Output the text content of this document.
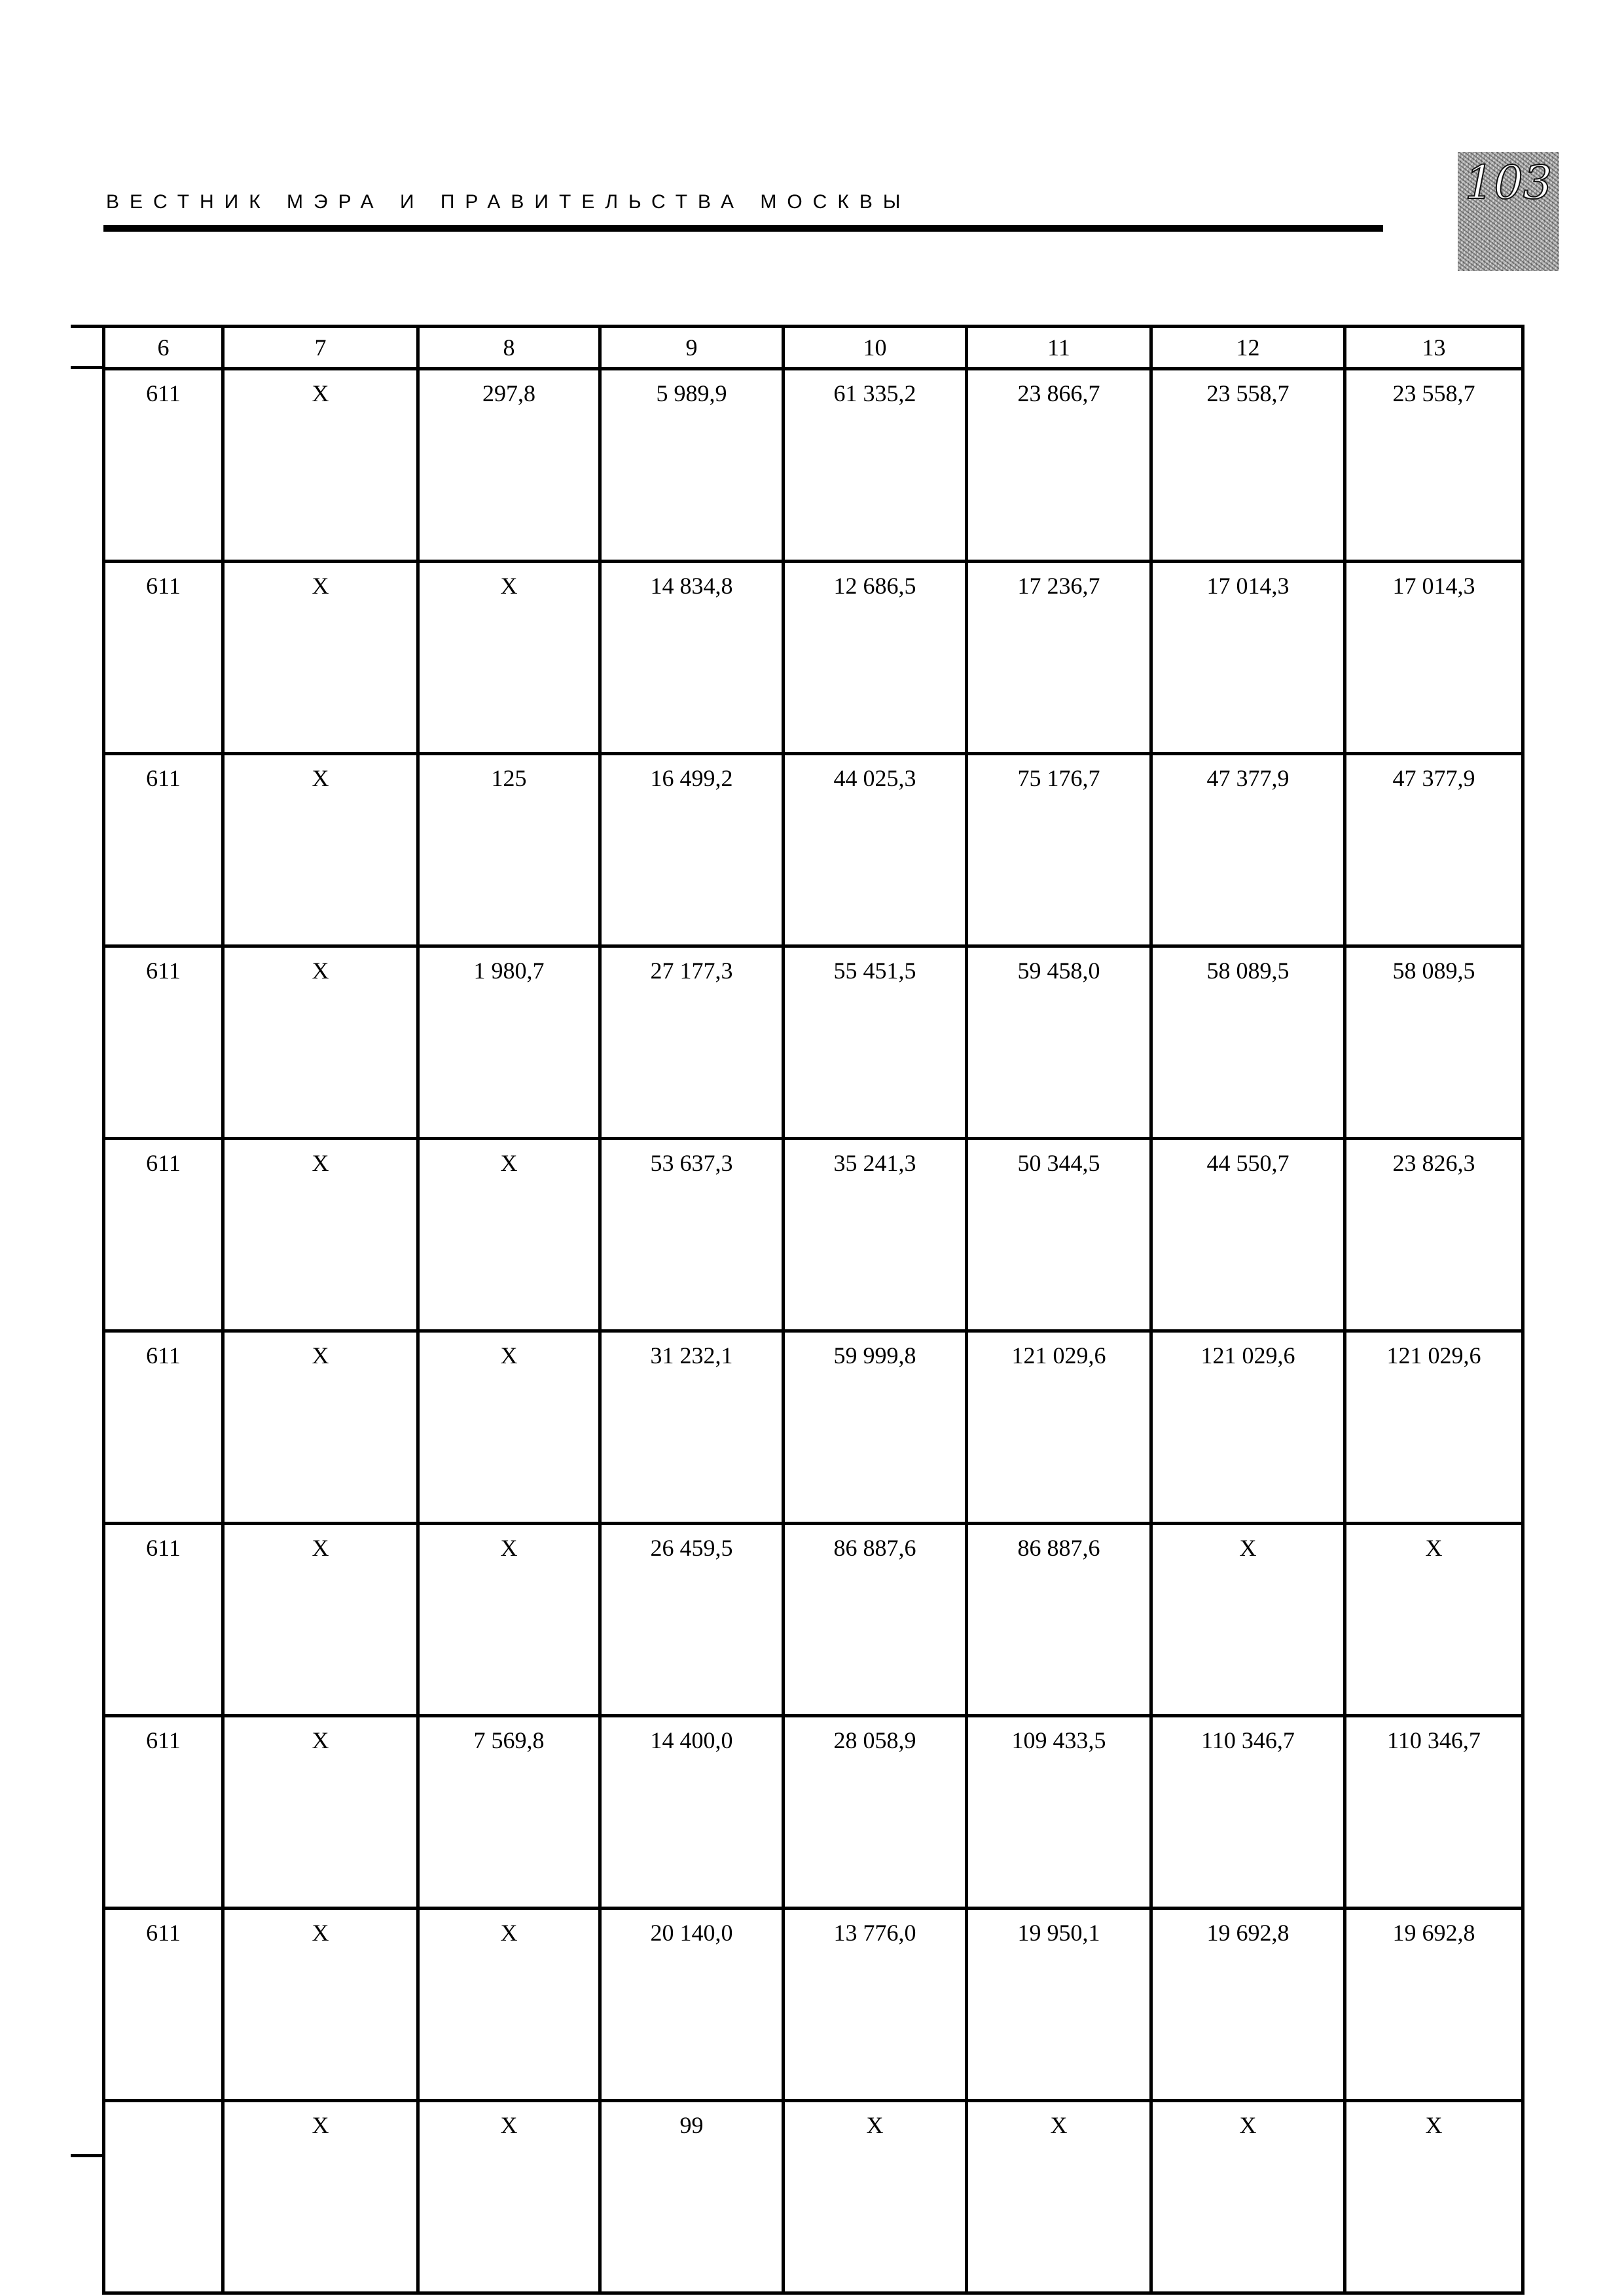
ВЕСТНИК МЭРА И ПРАВИТЕЛЬСТВА МОСКВЫ	103
6	7	8	9	10	11	12	13
611	X	297,8	5 989,9	61 335,2	23 866,7	23 558,7	23 558,7
611	X	X	14 834,8	12 686,5	17 236,7	17 014,3	17 014,3
611	X	125	16 499,2	44 025,3	75 176,7	47 377,9	47 377,9
611	X	1 980,7	27 177,3	55 451,5	59 458,0	58 089,5	58 089,5
611	X	X	53 637,3	35 241,3	50 344,5	44 550,7	23 826,3
611	X	X	31 232,1	59 999,8	121 029,6	121 029,6	121 029,6
611	X	X	26 459,5	86 887,6	86 887,6	X	X
611	X	7 569,8	14 400,0	28 058,9	109 433,5	110 346,7	110 346,7
611	X	X	20 140,0	13 776,0	19 950,1	19 692,8	19 692,8
	X	X	99	X	X	X	X
